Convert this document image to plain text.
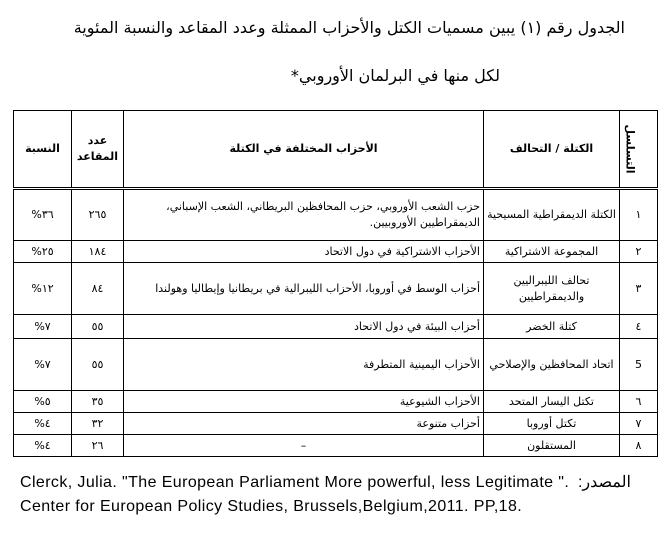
الجدول رقم (١) يبين مسميات الكتل والأحزاب الممثلة وعدد المقاعد والنسبة المئوية
لكل منها في البرلمان الأوروبي*
التسلسل	الكتلة / التحالف	الأحزاب المختلفة في الكتلة	عدد المقاعد	النسبة
١	الكتلة الديمقراطية المسيحية	حزب الشعب الأوروبي، حزب المحافظين البريطاني، الشعب الإسباني، الديمقراطيين الأوروبيين.	٢٦٥	٣٦%
٢	المجموعة الاشتراكية	الأحزاب الاشتراكية في دول الاتحاد	١٨٤	٢٥%
٣	تحالف الليبراليين والديمقراطيين	أحزاب الوسط في أوروبا، الأحزاب الليبرالية في بريطانيا وإيطاليا وهولندا	٨٤	١٢%
٤	كتلة الخضر	أحزاب البيئة في دول الاتحاد	٥٥	٧%
5	اتحاد المحافظين والإصلاحي	الأحزاب اليمينية المتطرفة	٥٥	٧%
٦	تكتل اليسار المتحد	الأحزاب الشيوعية	٣٥	٥%
٧	تكتل أوروبا	أحزاب متنوعة	٣٢	٤%
٨	المستقلون	–	٢٦	٤%
المصدر:
Clerck, Julia. "The European Parliament More powerful, less Legitimate ". Center for European Policy Studies, Brussels,Belgium,2011. PP,18.
